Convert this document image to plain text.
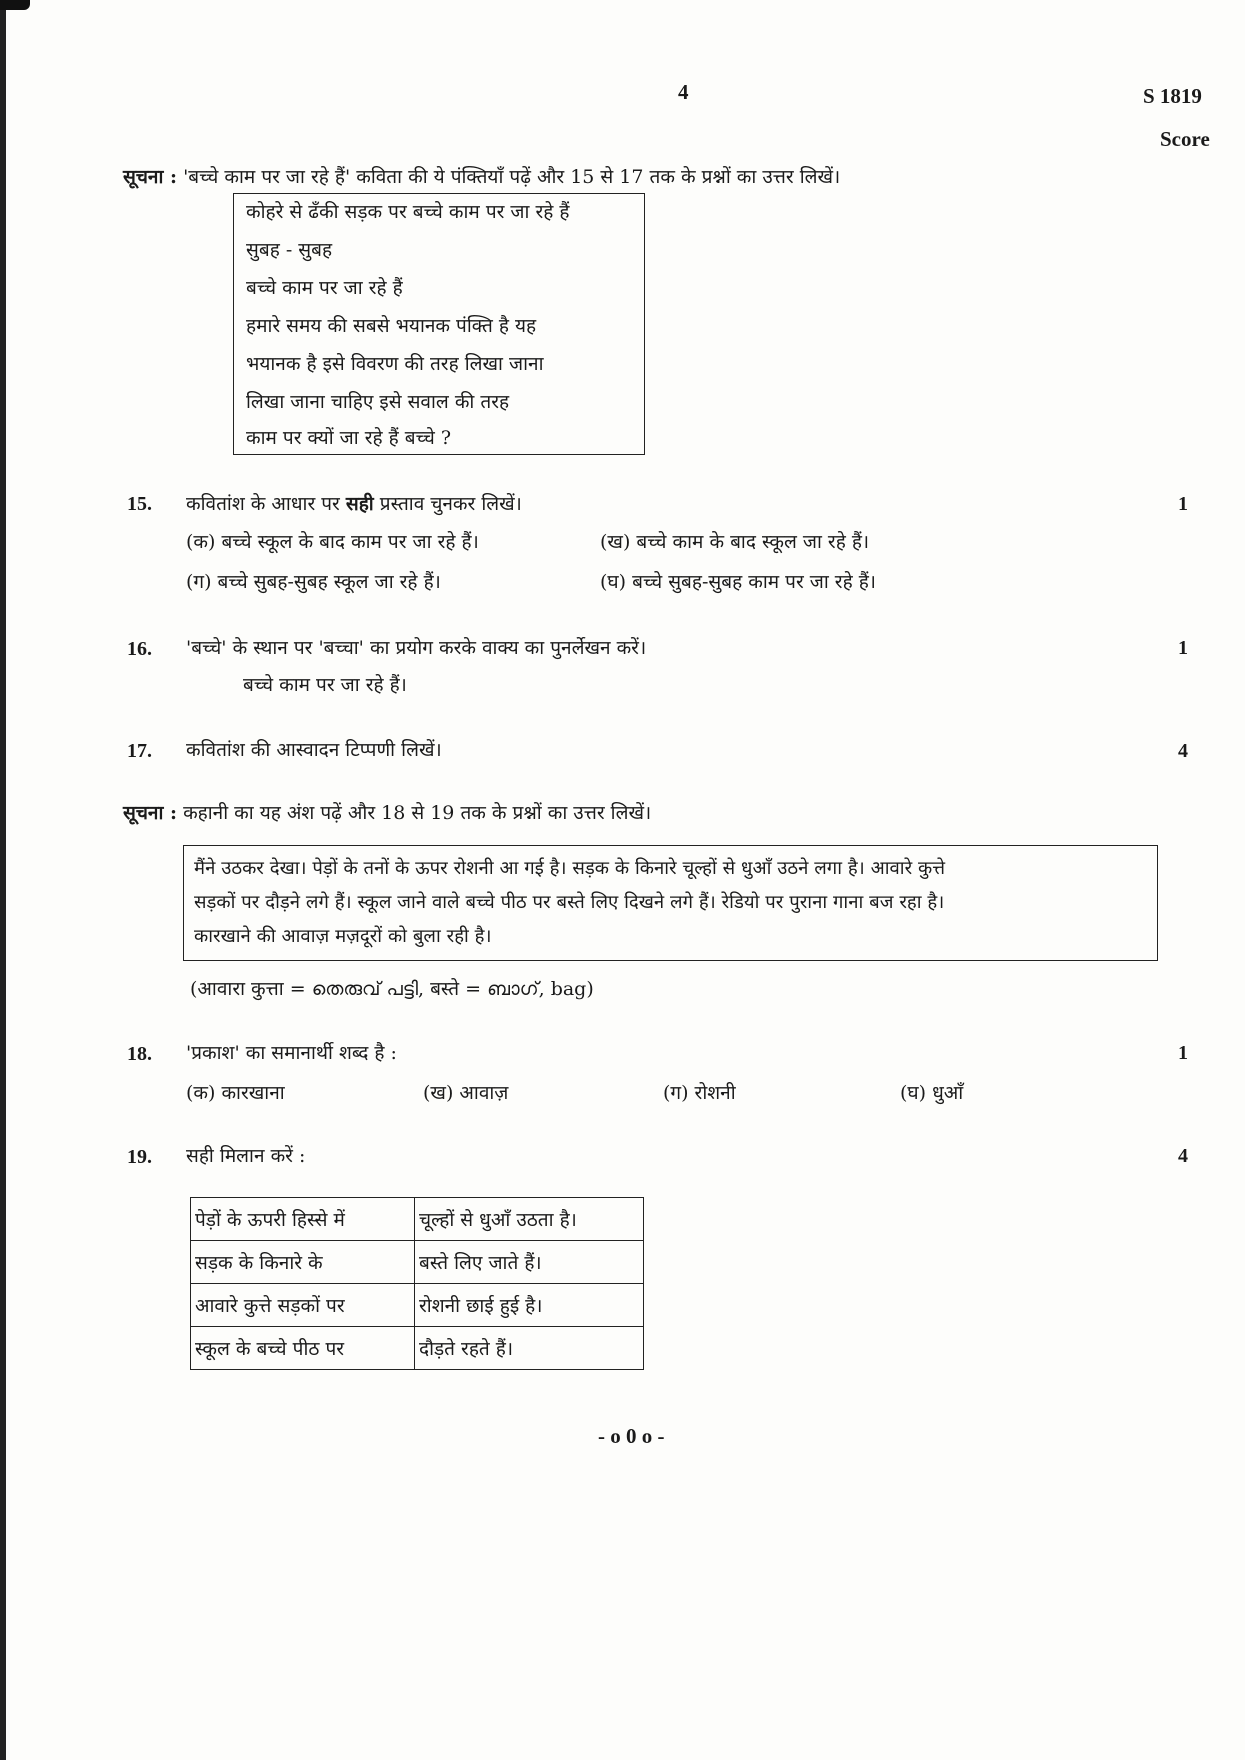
4	S 1819
Score
सूचना : 'बच्चे काम पर जा रहे हैं' कविता की ये पंक्तियाँ पढ़ें और 15 से 17 तक के प्रश्नों का उत्तर लिखें।
कोहरे से ढँकी सड़क पर बच्चे काम पर जा रहे हैं
सुबह - सुबह
बच्चे काम पर जा रहे हैं
हमारे समय की सबसे भयानक पंक्ति है यह
भयानक है इसे विवरण की तरह लिखा जाना
लिखा जाना चाहिए इसे सवाल की तरह
काम पर क्यों जा रहे हैं बच्चे ?
15. कवितांश के आधार पर सही प्रस्ताव चुनकर लिखें।	1
(क) बच्चे स्कूल के बाद काम पर जा रहे हैं।	(ख) बच्चे काम के बाद स्कूल जा रहे हैं।
(ग) बच्चे सुबह-सुबह स्कूल जा रहे हैं।	(घ) बच्चे सुबह-सुबह काम पर जा रहे हैं।
16. 'बच्चे' के स्थान पर 'बच्चा' का प्रयोग करके वाक्य का पुनर्लेखन करें।	1
बच्चे काम पर जा रहे हैं।
17. कवितांश की आस्वादन टिप्पणी लिखें।	4
सूचना : कहानी का यह अंश पढ़ें और 18 से 19 तक के प्रश्नों का उत्तर लिखें।
मैंने उठकर देखा। पेड़ों के तनों के ऊपर रोशनी आ गई है। सड़क के किनारे चूल्हों से धुआँ उठने लगा है। आवारे कुत्ते
सड़कों पर दौड़ने लगे हैं। स्कूल जाने वाले बच्चे पीठ पर बस्ते लिए दिखने लगे हैं। रेडियो पर पुराना गाना बज रहा है।
कारखाने की आवाज़ मज़दूरों को बुला रही है।
(आवारा कुत्ता = തെരുവ് പട്ടി, बस्ते = ബാഗ്, bag)
18. 'प्रकाश' का समानार्थी शब्द है :	1
(क) कारखाना	(ख) आवाज़	(ग) रोशनी	(घ) धुआँ
19. सही मिलान करें :	4
पेड़ों के ऊपरी हिस्से में	चूल्हों से धुआँ उठता है।
सड़क के किनारे के	बस्ते लिए जाते हैं।
आवारे कुत्ते सड़कों पर	रोशनी छाई हुई है।
स्कूल के बच्चे पीठ पर	दौड़ते रहते हैं।
- o 0 o -
